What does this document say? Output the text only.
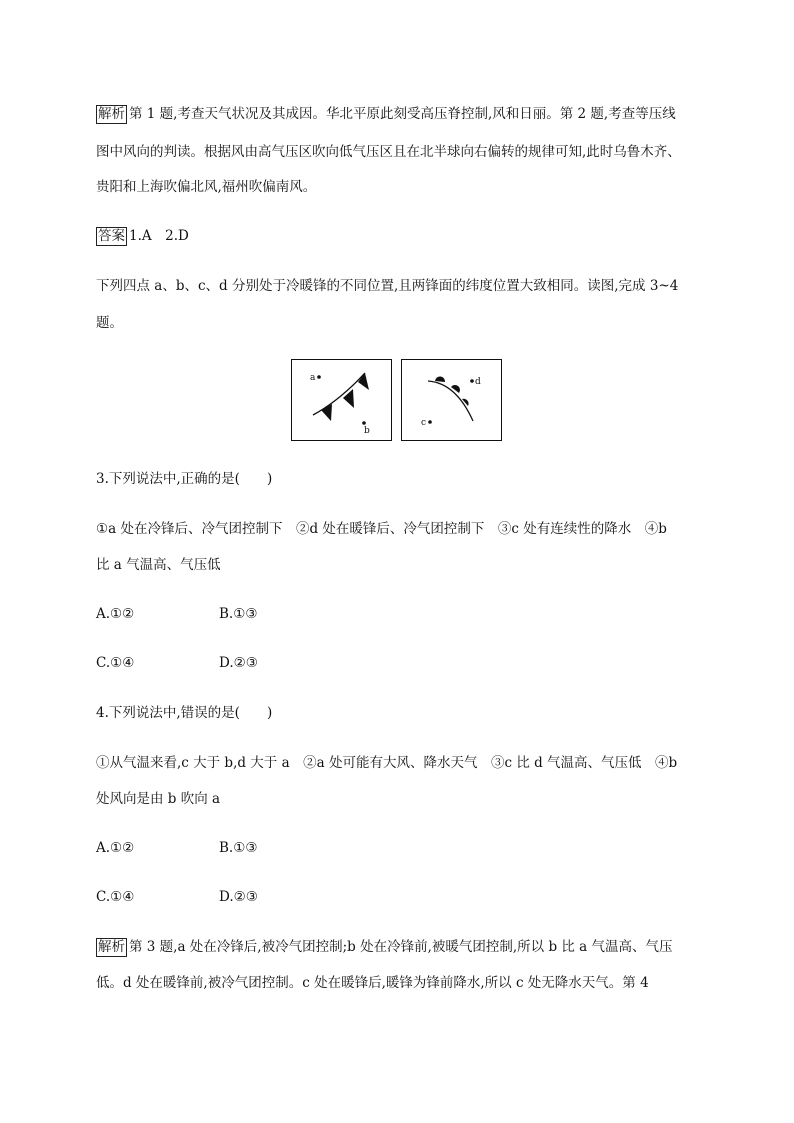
解析 第 1 题,考查天气状况及其成因。华北平原此刻受高压脊控制,风和日丽。第 2 题,考查等压线
图中风向的判读。根据风由高气压区吹向低气压区且在北半球向右偏转的规律可知,此时乌鲁木齐、
贵阳和上海吹偏北风,福州吹偏南风。
答案 1.A　2.D
下列四点 a、b、c、d 分别处于冷暖锋的不同位置,且两锋面的纬度位置大致相同。读图,完成 3~4
题。
a
b
d
c
3.下列说法中,正确的是(　　)
①a 处在冷锋后、冷气团控制下　②d 处在暖锋后、冷气团控制下　③c 处有连续性的降水　④b
比 a 气温高、气压低
A.①②	B.①③
C.①④	D.②③
4.下列说法中,错误的是(　　)
①从气温来看,c 大于 b,d 大于 a　②a 处可能有大风、降水天气　③c 比 d 气温高、气压低　④b
处风向是由 b 吹向 a
A.①②	B.①③
C.①④	D.②③
解析 第 3 题,a 处在冷锋后,被冷气团控制;b 处在冷锋前,被暖气团控制,所以 b 比 a 气温高、气压
低。d 处在暖锋前,被冷气团控制。c 处在暖锋后,暖锋为锋前降水,所以 c 处无降水天气。第 4
